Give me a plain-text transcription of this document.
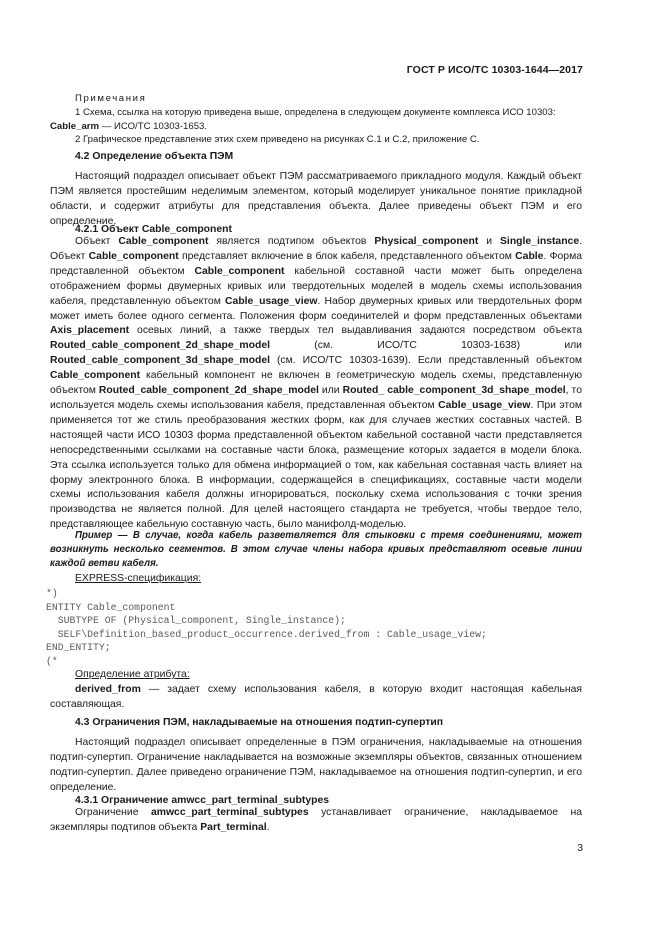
ГОСТ Р ИСО/ТС 10303-1644—2017
Примечания
1 Схема, ссылка на которую приведена выше, определена в следующем документе комплекса ИСО 10303:
Cable_arm — ИСО/ТС 10303-1653.
2 Графическое представление этих схем приведено на рисунках С.1 и С.2, приложение С.
4.2 Определение объекта ПЭМ

Настоящий подраздел описывает объект ПЭМ рассматриваемого прикладного модуля. Каждый объект ПЭМ является простейшим неделимым элементом, который моделирует уникальное понятие прикладной области, и содержит атрибуты для представления объекта. Далее приведены объект ПЭМ и его определение.

4.2.1 Объект Cable_component

Объект Cable_component является подтипом объектов Physical_component и Single_instance. Объект Cable_component представляет включение в блок кабеля, представленного объектом Cable. Форма представленной объектом Cable_component кабельной составной части может быть определена отображением формы двумерных кривых или твердотельных моделей в модель схемы использования кабеля, представленную объектом Cable_usage_view. Набор двумерных кривых или твердотельных форм может иметь более одного сегмента. Положения форм соединителей и форм представленных объектами Axis_placement осевых линий, а также твердых тел выдавливания задаются посредством объекта Routed_cable_component_2d_shape_model (см. ИСО/ТС 10303-1638) или Routed_cable_component_3d_shape_model (см. ИСО/ТС 10303-1639). Если представленный объектом Cable_component кабельный компонент не включен в геометрическую модель схемы, представленную объектом Routed_cable_component_2d_shape_model или Routed_ cable_component_3d_shape_model, то используется модель схемы использования кабеля, представленная объектом Cable_usage_view. При этом применяется тот же стиль преобразования жестких форм, как для случаев жестких составных частей. В настоящей части ИСО 10303 форма представленной объектом кабельной составной части представляется непосредственными ссылками на составные части блока, размещение которых задается в модели блока. Эта ссылка используется только для обмена информацией о том, как кабельная составная часть влияет на форму электронного блока. В информации, содержащейся в спецификациях, составные части модели схемы использования кабеля должны игнорироваться, поскольку схема использования с точки зрения производства не является полной. Для целей настоящего стандарта не требуется, чтобы твердое тело, представляющее кабельную составную часть, было манифолд-моделью.

Пример — В случае, когда кабель разветвляется для стыковки с тремя соединениями, может возникнуть несколько сегментов. В этом случае члены набора кривых представляют осевые линии каждой ветви кабеля.

EXPRESS-спецификация:
*)
ENTITY Cable_component
SUBTYPE OF (Physical_component, Single_instance);
SELF\Definition_based_product_occurrence.derived_from : Cable_usage_view;
END_ENTITY;
(*
Определение атрибута:

derived_from — задает схему использования кабеля, в которую входит настоящая кабельная составляющая.

4.3 Ограничения ПЭМ, накладываемые на отношения подтип-супертип

Настоящий подраздел описывает определенные в ПЭМ ограничения, накладываемые на отношения подтип-супертип. Ограничение накладывается на возможные экземпляры объектов, связанных отношением подтип-супертип. Далее приведено ограничение ПЭМ, накладываемое на отношения подтип-супертип, и его определение.

4.3.1 Ограничение amwcc_part_terminal_subtypes

Ограничение amwcc_part_terminal_subtypes устанавливает ограничение, накладываемое на экземпляры подтипов объекта Part_terminal.

3
